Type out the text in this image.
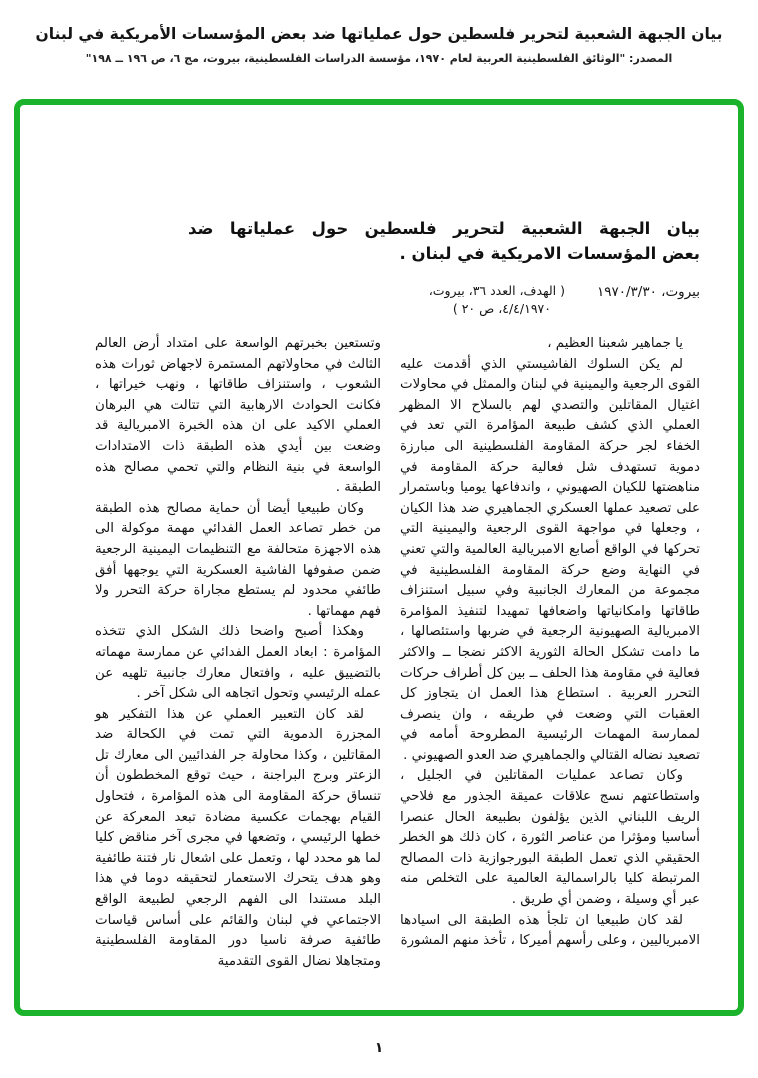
بيان الجبهة الشعبية لتحرير فلسطين حول عملياتها ضد بعض المؤسسات الأمريكية في لبنان
المصدر: "الوثائق الفلسطينية العربية لعام ١٩٧٠، مؤسسة الدراسات الفلسطينية، بيروت، مج ٦، ص ١٩٦ ــ ١٩٨"
بيان الجبهة الشعبية لتحرير فلسطين حول عملياتها ضد
بعض المؤسسات الامريكية في لبنان .
بيروت، ١٩٧٠/٣/٣٠
( الهدف، العدد ٣٦، بيروت،
٤/٤/١٩٧٠، ص ٢٠ )

يا جماهير شعبنا العظيم ،

لم يكن السلوك الفاشيستي الذي أقدمت عليه القوى الرجعية واليمينية في لبنان والممثل في محاولات اغتيال المقاتلين والتصدي لهم بالسلاح الا المظهر العملي الذي كشف طبيعة المؤامرة التي تعد في الخفاء لجر حركة المقاومة الفلسطينية الى مبارزة دموية تستهدف شل فعالية حركة المقاومة في مناهضتها للكيان الصهيوني ، واندفاعها يوميا وباستمرار على تصعيد عملها العسكري الجماهيري ضد هذا الكيان ، وجعلها في مواجهة القوى الرجعية واليمينية التي تحركها في الواقع أصابع الامبريالية العالمية والتي تعني في النهاية وضع حركة المقاومة الفلسطينية في مجموعة من المعارك الجانبية وفي سبيل استنزاف طاقاتها وامكانياتها واضعافها تمهيدا لتنفيذ المؤامرة الامبريالية الصهيونية الرجعية في ضربها واستئصالها ، ما دامت تشكل الحالة الثورية الاكثر نضجا ــ والاكثر فعالية في مقاومة هذا الحلف ــ بين كل أطراف حركات التحرر العربية . استطاع هذا العمل ان يتجاوز كل العقبات التي وضعت في طريقه ، وان ينصرف لممارسة المهمات الرئيسية المطروحة أمامه في تصعيد نضاله القتالي والجماهيري ضد العدو الصهيوني .

وكان تصاعد عمليات المقاتلين في الجليل ، واستطاعتهم نسج علاقات عميقة الجذور مع فلاحي الريف اللبناني الذين يؤلفون بطبيعة الحال عنصرا أساسيا ومؤثرا من عناصر الثورة ، كان ذلك هو الخطر الحقيقي الذي تعمل الطبقة البورجوازية ذات المصالح المرتبطة كليا بالراسمالية العالمية على التخلص منه عبر أي وسيلة ، وضمن أي طريق .

لقد كان طبيعيا ان تلجأ هذه الطبقة الى اسيادها الامبرياليين ، وعلى رأسهم أميركا ، تأخذ منهم المشورة

وتستعين بخبرتهم الواسعة على امتداد أرض العالم الثالث في محاولاتهم المستمرة لاجهاض ثورات هذه الشعوب ، واستنزاف طاقاتها ، ونهب خيراتها ، فكانت الحوادث الارهابية التي تتالت هي البرهان العملي الاكيد على ان هذه الخبرة الامبريالية قد وضعت بين أيدي هذه الطبقة ذات الامتدادات الواسعة في بنية النظام والتي تحمي مصالح هذه الطبقة .

وكان طبيعيا أيضا أن حماية مصالح هذه الطبقة من خطر تصاعد العمل الفدائي مهمة موكولة الى هذه الاجهزة متحالفة مع التنظيمات اليمينية الرجعية ضمن صفوفها الفاشية العسكرية التي يوجهها أفق طائفي محدود لم يستطع مجاراة حركة التحرر ولا فهم مهماتها .

وهكذا أصبح واضحا ذلك الشكل الذي تتخذه المؤامرة : ابعاد العمل الفدائي عن ممارسة مهماته بالتضييق عليه ، وافتعال معارك جانبية تلهيه عن عمله الرئيسي وتحول اتجاهه الى شكل آخر .

لقد كان التعبير العملي عن هذا التفكير هو المجزرة الدموية التي تمت في الكحالة ضد المقاتلين ، وكذا محاولة جر الفدائيين الى معارك تل الزعتر وبرج البراجنة ، حيث توقع المخططون أن تنساق حركة المقاومة الى هذه المؤامرة ، فتحاول القيام بهجمات عكسية مضادة تبعد المعركة عن خطها الرئيسي ، وتضعها في مجرى آخر مناقض كليا لما هو محدد لها ، وتعمل على اشعال نار فتنة طائفية وهو هدف يتحرك الاستعمار لتحقيقه دوما في هذا البلد مستندا الى الفهم الرجعي لطبيعة الواقع الاجتماعي في لبنان والقائم على أساس قياسات طائفية صرفة ناسيا دور المقاومة الفلسطينية ومتجاهلا نضال القوى التقدمية

١
